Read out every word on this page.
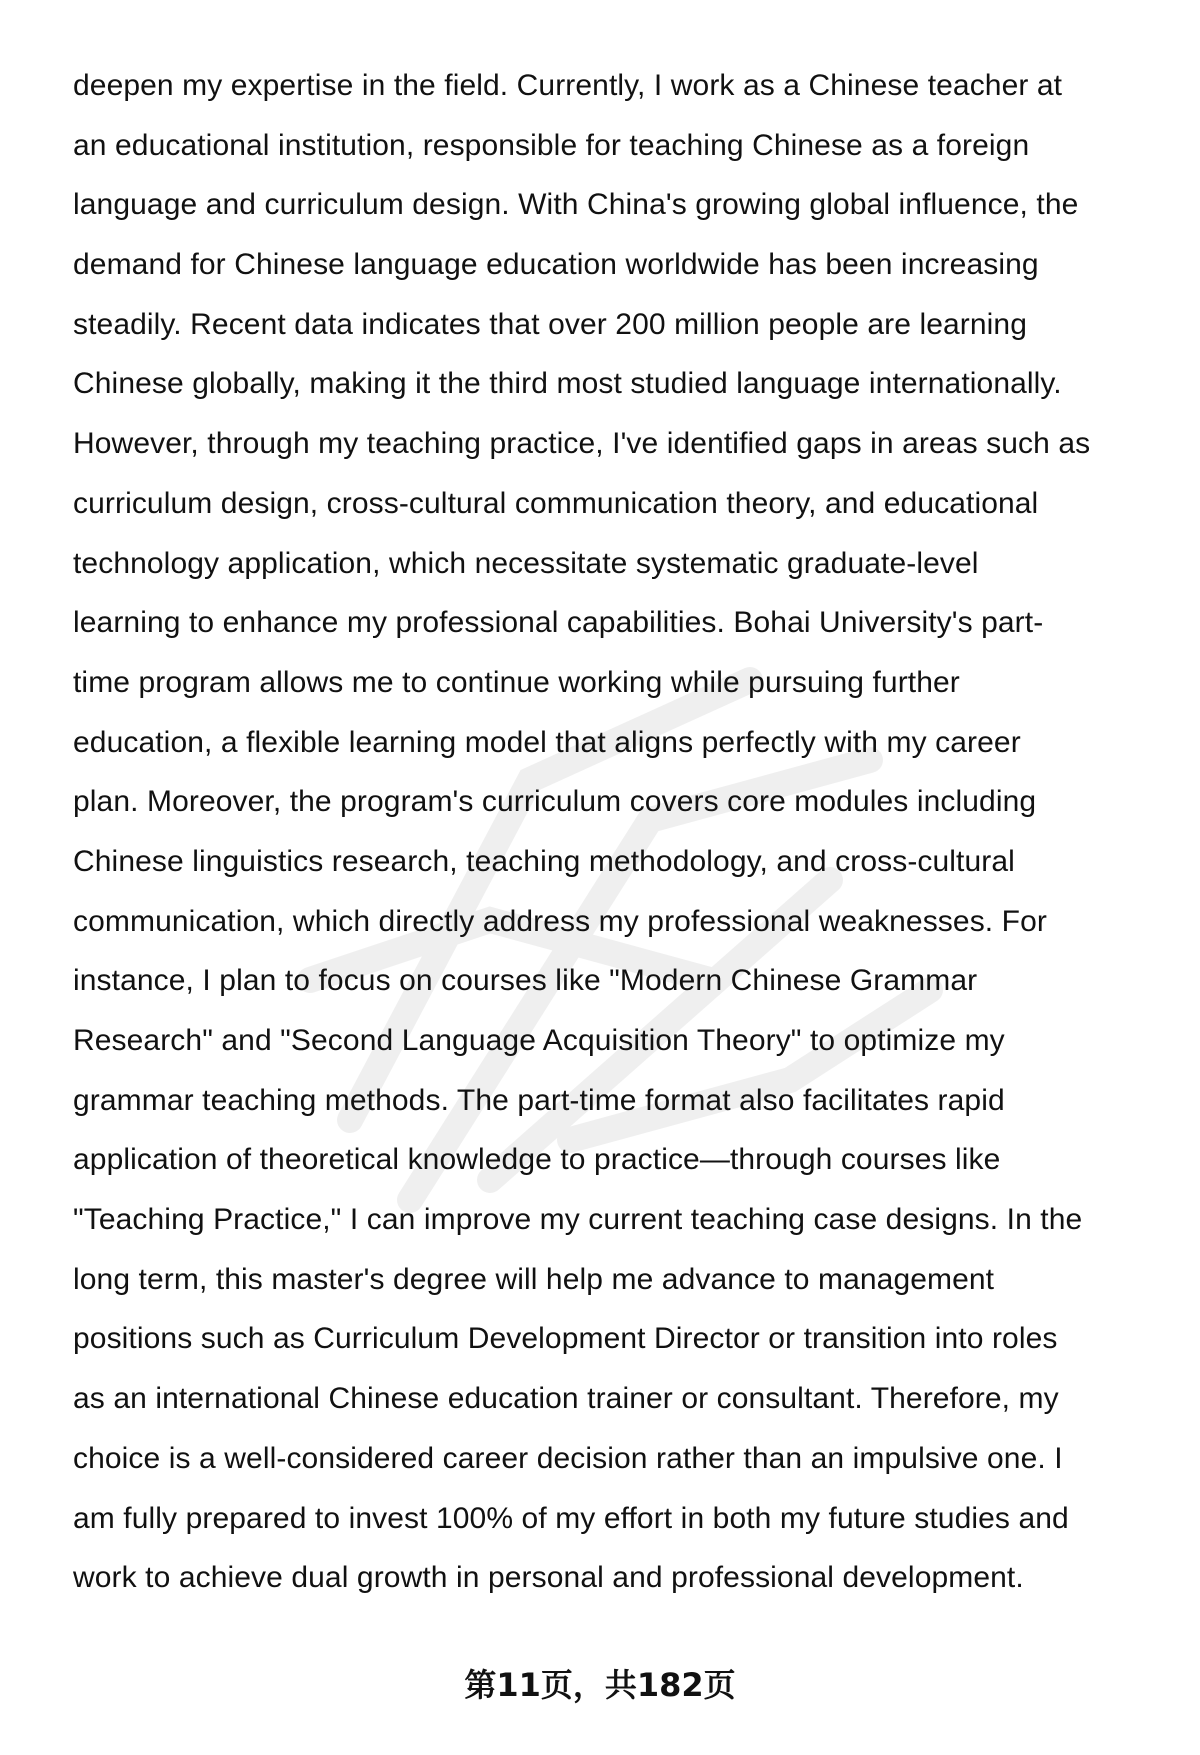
deepen my expertise in the field. Currently, I work as a Chinese teacher at
an educational institution, responsible for teaching Chinese as a foreign
language and curriculum design. With China's growing global influence, the
demand for Chinese language education worldwide has been increasing
steadily. Recent data indicates that over 200 million people are learning
Chinese globally, making it the third most studied language internationally.
However, through my teaching practice, I've identified gaps in areas such as
curriculum design, cross-cultural communication theory, and educational
technology application, which necessitate systematic graduate-level
learning to enhance my professional capabilities. Bohai University's part-
time program allows me to continue working while pursuing further
education, a flexible learning model that aligns perfectly with my career
plan. Moreover, the program's curriculum covers core modules including
Chinese linguistics research, teaching methodology, and cross-cultural
communication, which directly address my professional weaknesses. For
instance, I plan to focus on courses like "Modern Chinese Grammar
Research" and "Second Language Acquisition Theory" to optimize my
grammar teaching methods. The part-time format also facilitates rapid
application of theoretical knowledge to practice—through courses like
"Teaching Practice," I can improve my current teaching case designs. In the
long term, this master's degree will help me advance to management
positions such as Curriculum Development Director or transition into roles
as an international Chinese education trainer or consultant. Therefore, my
choice is a well-considered career decision rather than an impulsive one. I
am fully prepared to invest 100% of my effort in both my future studies and
work to achieve dual growth in personal and professional development.
第11页，共182页
